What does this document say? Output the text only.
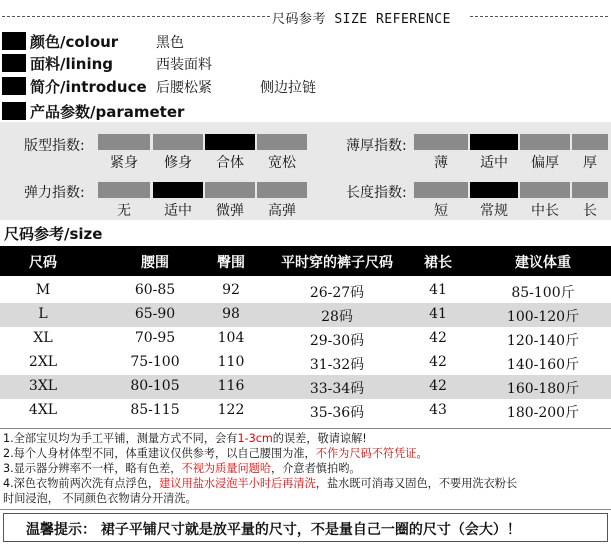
尺码参考 SIZE REFERENCE
颜色/colour	黑色
面料/lining	西装面料
简介/introduce 后腰松紧	侧边拉链
产品参数/parameter
版型指数:
紧身	修身	合体	宽松
薄厚指数:
薄	适中	偏厚	厚
弹力指数:
无	适中	微弹	高弹
长度指数:
短	常规	中长	长
尺码参考/size
尺码	腰围	臀围	平时穿的裤子尺码	裙长	建议体重
M	60-85	92	26-27码	41	85-100斤
L	65-90	98	28码	41	100-120斤
XL	70-95	104	29-30码	42	120-140斤
2XL	75-100	110	31-32码	42	140-160斤
3XL	80-105	116	33-34码	42	160-180斤
4XL	85-115	122	35-36码	43	180-200斤
1.全部宝贝均为手工平铺，测量方式不同，会有1-3cm的误差，敬请谅解!
2.每个人身材体型不同，体重建议仅供参考，以自己腰围为准，不作为尺码不符凭证。
3.显示器分辨率不一样，略有色差，不视为质量问题哈，介意者慎拍哟。
4.深色衣物前两次洗有点浮色，建议用盐水浸泡半小时后再清洗，盐水既可消毒又固色，不要用洗衣粉长
时间浸泡， 不同颜色衣物请分开清洗。
温馨提示： 裙子平铺尺寸就是放平量的尺寸，不是量自己一圈的尺寸（会大）！
